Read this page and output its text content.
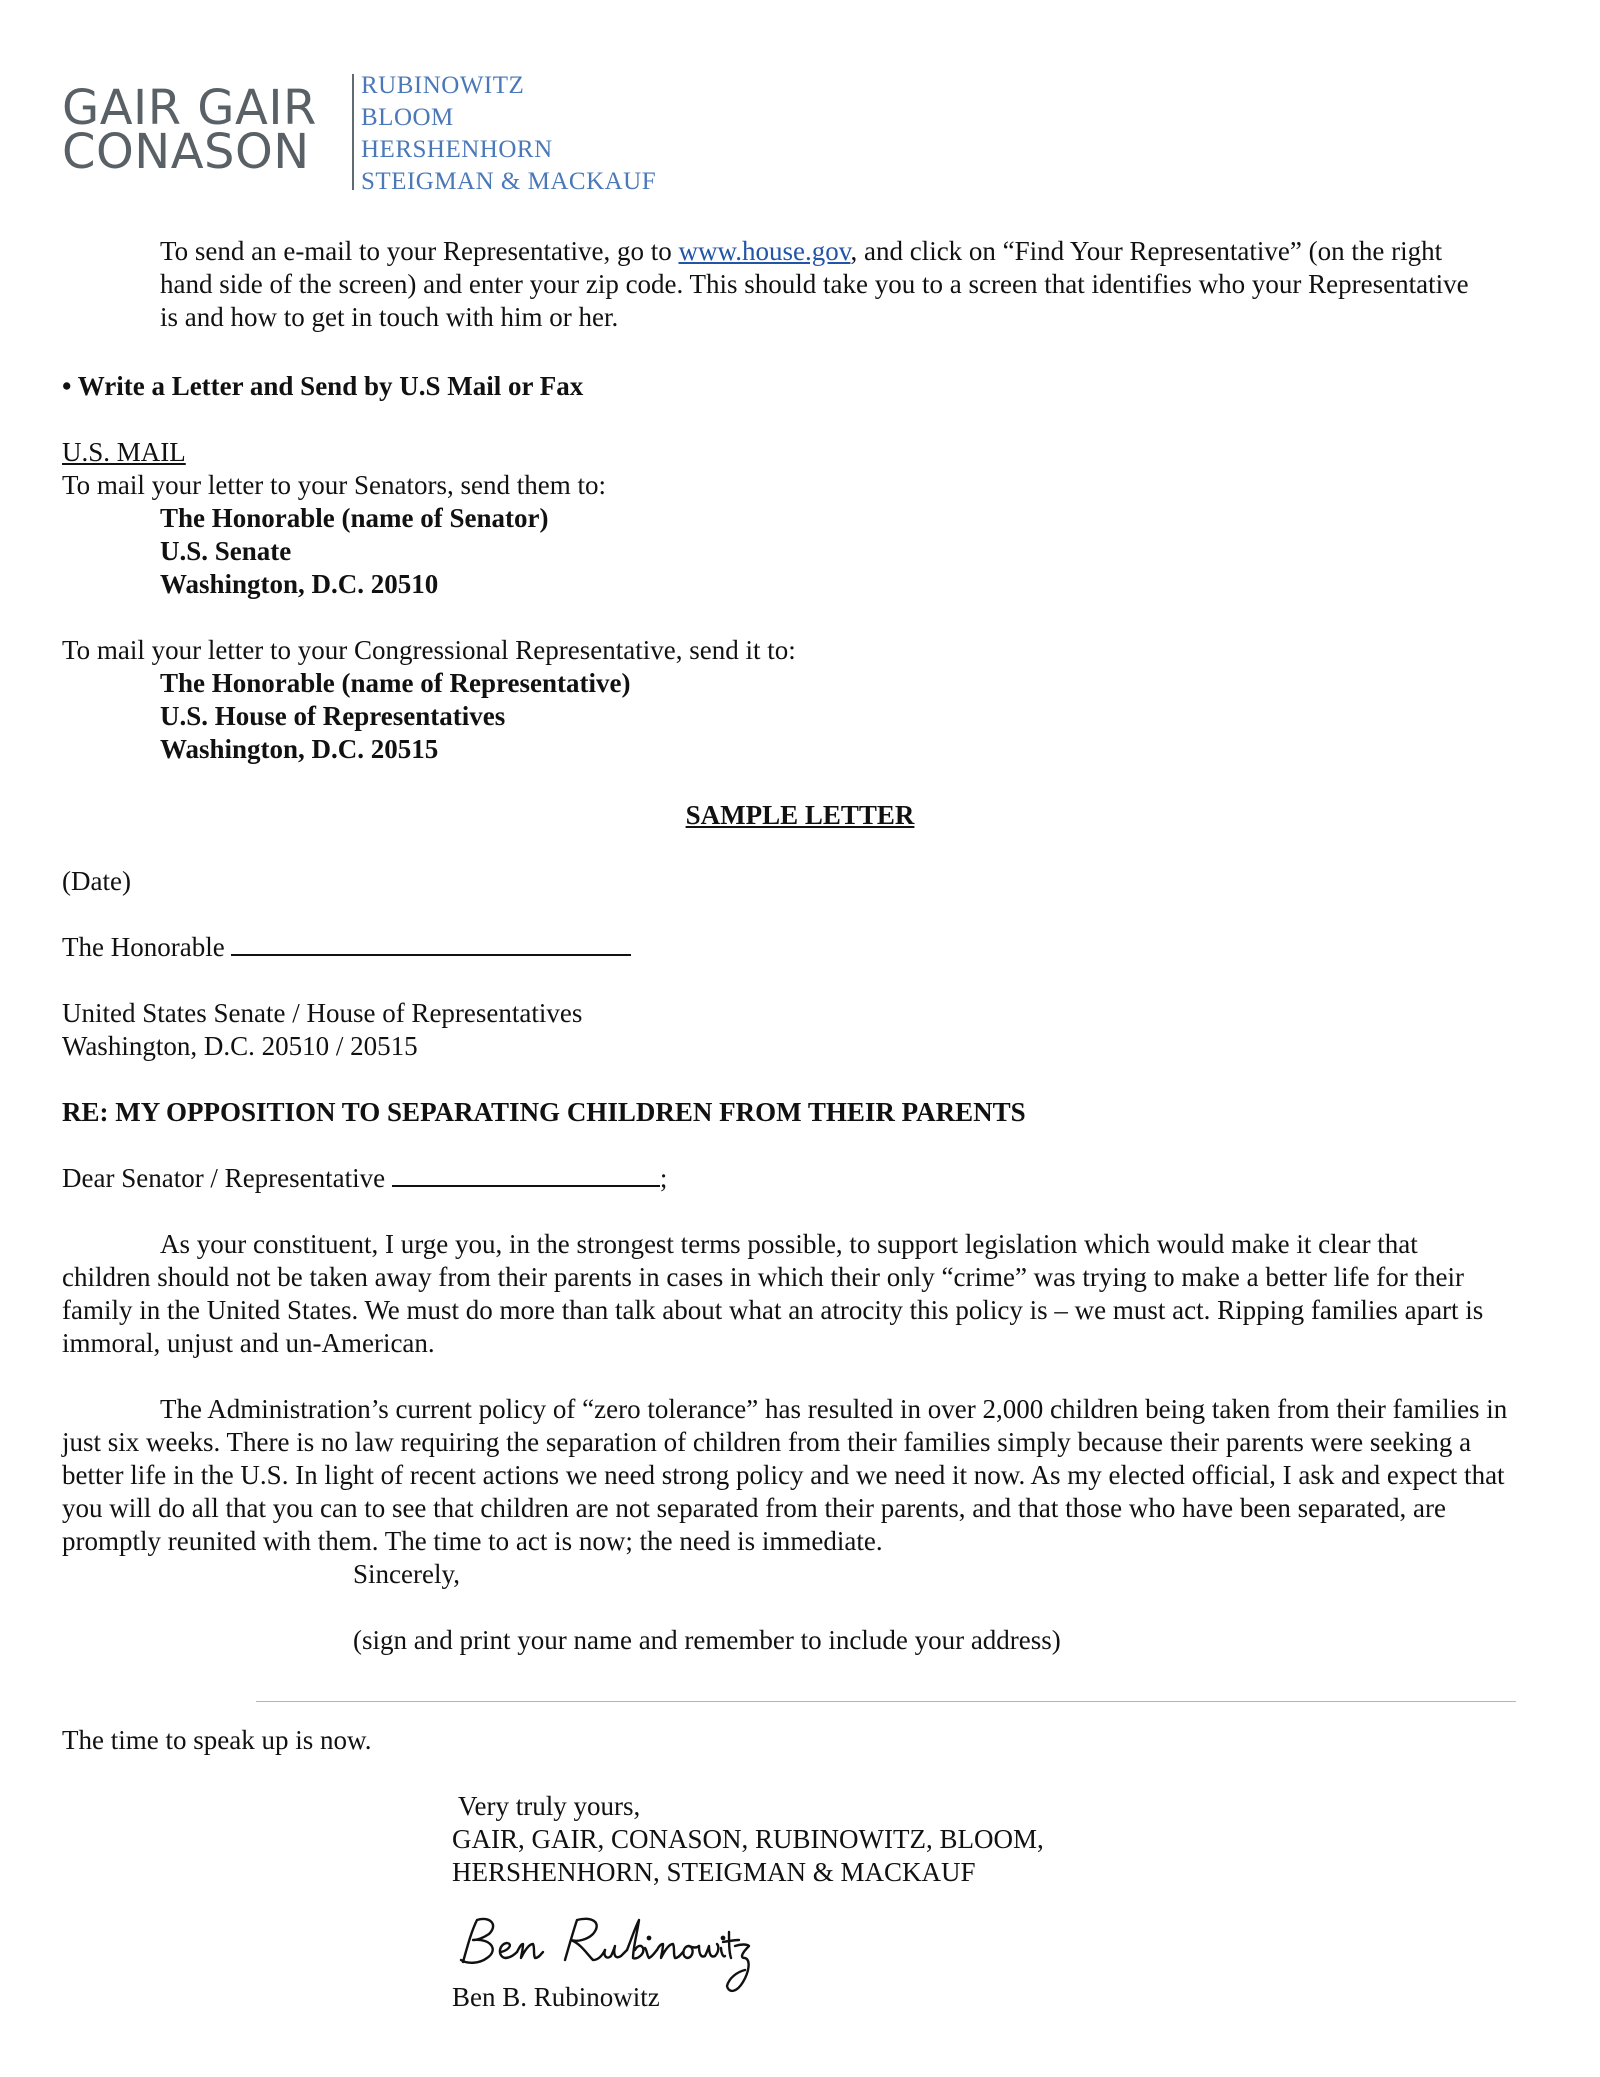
GAIR GAIR
CONASON
RUBINOWITZ
BLOOM
HERSHENHORN
STEIGMAN & MACKAUF

To send an e-mail to your Representative, go to www.house.gov, and click on “Find Your Representative” (on the right hand side of the screen) and enter your zip code. This should take you to a screen that identifies who your Representative is and how to get in touch with him or her.

• Write a Letter and Send by U.S Mail or Fax
U.S. MAIL
To mail your letter to your Senators, send them to:
The Honorable (name of Senator)
U.S. Senate
Washington, D.C. 20510
To mail your letter to your Congressional Representative, send it to:
The Honorable (name of Representative)
U.S. House of Representatives
Washington, D.C. 20515
SAMPLE LETTER
(Date)
The Honorable
United States Senate / House of Representatives
Washington, D.C. 20510 / 20515
RE: MY OPPOSITION TO SEPARATING CHILDREN FROM THEIR PARENTS
Dear Senator / Representative	;

As your constituent, I urge you, in the strongest terms possible, to support legislation which would make it clear that children should not be taken away from their parents in cases in which their only “crime” was trying to make a better life for their family in the United States. We must do more than talk about what an atrocity this policy is – we must act. Ripping families apart is immoral, unjust and un-American.

The Administration’s current policy of “zero tolerance” has resulted in over 2,000 children being taken from their families in just six weeks. There is no law requiring the separation of children from their families simply because their parents were seeking a better life in the U.S. In light of recent actions we need strong policy and we need it now. As my elected official, I ask and expect that you will do all that you can to see that children are not separated from their parents, and that those who have been separated, are promptly reunited with them. The time to act is now; the need is immediate.

Sincerely,
(sign and print your name and remember to include your address)
The time to speak up is now.
Very truly yours,
GAIR, GAIR, CONASON, RUBINOWITZ, BLOOM,
HERSHENHORN, STEIGMAN & MACKAUF
Ben B. Rubinowitz
